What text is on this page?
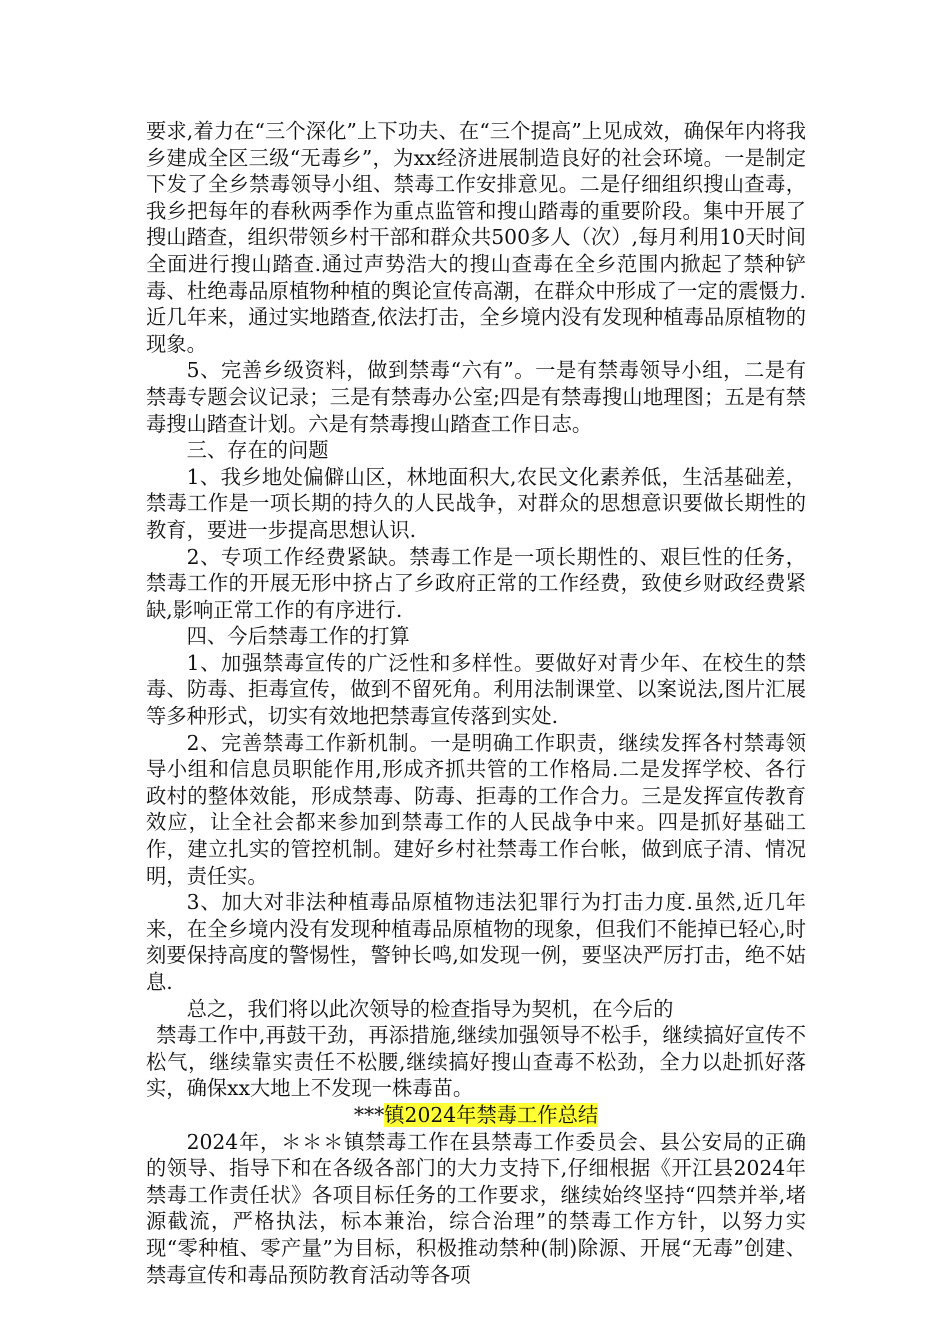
要求,着力在“三个深化”上下功夫、在“三个提高”上见成效，确保年内将我乡建成全区三级“无毒乡”，为xx经济进展制造良好的社会环境。一是制定下发了全乡禁毒领导小组、禁毒工作安排意见。二是仔细组织搜山查毒，我乡把每年的春秋两季作为重点监管和搜山踏毒的重要阶段。集中开展了搜山踏查，组织带领乡村干部和群众共500多人（次）,每月利用10天时间全面进行搜山踏查.通过声势浩大的搜山查毒在全乡范围内掀起了禁种铲毒、杜绝毒品原植物种植的舆论宣传高潮，在群众中形成了一定的震慑力.近几年来，通过实地踏查,依法打击，全乡境内没有发现种植毒品原植物的现象。

5、完善乡级资料，做到禁毒“六有”。一是有禁毒领导小组，二是有禁毒专题会议记录；三是有禁毒办公室;四是有禁毒搜山地理图；五是有禁毒搜山踏查计划。六是有禁毒搜山踏查工作日志。

三、存在的问题

1、我乡地处偏僻山区，林地面积大,农民文化素养低，生活基础差，禁毒工作是一项长期的持久的人民战争，对群众的思想意识要做长期性的教育，要进一步提高思想认识.

2、专项工作经费紧缺。禁毒工作是一项长期性的、艰巨性的任务，禁毒工作的开展无形中挤占了乡政府正常的工作经费，致使乡财政经费紧缺,影响正常工作的有序进行.

四、今后禁毒工作的打算

1、加强禁毒宣传的广泛性和多样性。要做好对青少年、在校生的禁毒、防毒、拒毒宣传，做到不留死角。利用法制课堂、以案说法,图片汇展等多种形式，切实有效地把禁毒宣传落到实处.

2、完善禁毒工作新机制。一是明确工作职责，继续发挥各村禁毒领导小组和信息员职能作用,形成齐抓共管的工作格局.二是发挥学校、各行政村的整体效能，形成禁毒、防毒、拒毒的工作合力。三是发挥宣传教育效应，让全社会都来参加到禁毒工作的人民战争中来。四是抓好基础工作，建立扎实的管控机制。建好乡村社禁毒工作台帐，做到底子清、情况明，责任实。

3、加大对非法种植毒品原植物违法犯罪行为打击力度.虽然,近几年来，在全乡境内没有发现种植毒品原植物的现象，但我们不能掉已轻心,时刻要保持高度的警惕性，警钟长鸣,如发现一例，要坚决严厉打击，绝不姑息.

总之，我们将以此次领导的检查指导为契机，在今后的

禁毒工作中,再鼓干劲，再添措施,继续加强领导不松手，继续搞好宣传不松气，继续靠实责任不松腰,继续搞好搜山查毒不松劲，全力以赴抓好落实，确保xx大地上不发现一株毒苗。

***镇2024年禁毒工作总结

2024年，＊＊＊镇禁毒工作在县禁毒工作委员会、县公安局的正确的领导、指导下和在各级各部门的大力支持下,仔细根据《开江县2024年禁毒工作责任状》各项目标任务的工作要求，继续始终坚持“四禁并举,堵源截流，严格执法，标本兼治，综合治理”的禁毒工作方针，以努力实现“零种植、零产量”为目标，积极推动禁种(制)除源、开展“无毒”创建、禁毒宣传和毒品预防教育活动等各项
